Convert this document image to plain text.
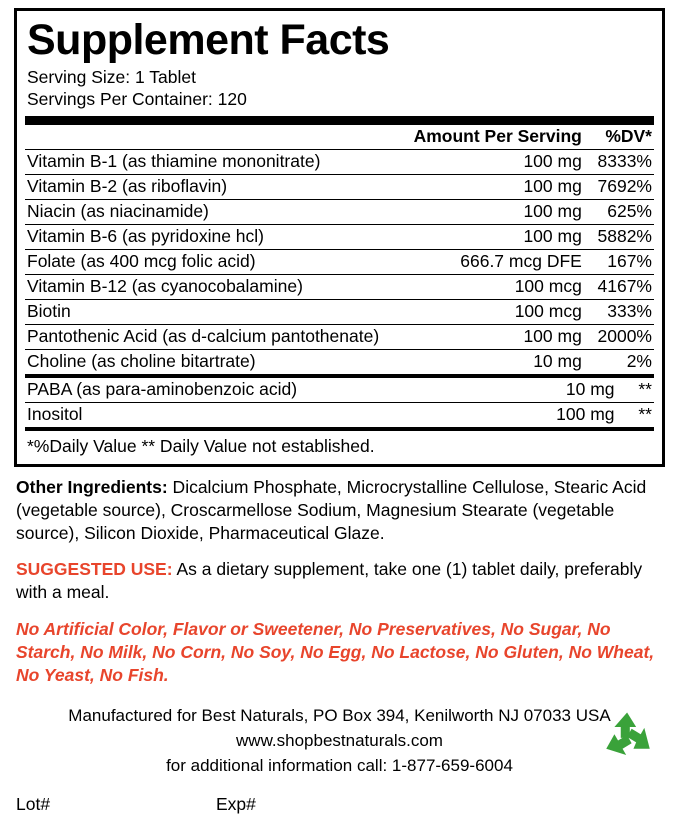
Supplement Facts
Serving Size: 1 Tablet
Servings Per Container: 120
	Amount Per Serving	%DV*
Vitamin B-1 (as thiamine mononitrate)	100 mg	8333%
Vitamin B-2 (as riboflavin)	100 mg	7692%
Niacin (as niacinamide)	100 mg	625%
Vitamin B-6 (as pyridoxine hcl)	100 mg	5882%
Folate (as 400 mcg folic acid)	666.7 mcg DFE	167%
Vitamin B-12 (as cyanocobalamine)	100 mcg	4167%
Biotin	100 mcg	333%
Pantothenic Acid (as d-calcium pantothenate)	100 mg	2000%
Choline (as choline bitartrate)	10 mg	2%
PABA (as para-aminobenzoic acid)	10 mg	**
Inositol	100 mg	**
*%Daily Value ** Daily Value not established.
Other Ingredients: Dicalcium Phosphate, Microcrystalline Cellulose, Stearic Acid (vegetable source), Croscarmellose Sodium, Magnesium Stearate (vegetable source), Silicon Dioxide, Pharmaceutical Glaze.
SUGGESTED USE: As a dietary supplement, take one (1) tablet daily, preferably with a meal.
No Artificial Color, Flavor or Sweetener, No Preservatives, No Sugar, No Starch, No Milk, No Corn, No Soy, No Egg, No Lactose, No Gluten, No Wheat, No Yeast, No Fish.
Manufactured for Best Naturals, PO Box 394, Kenilworth NJ 07033 USA
www.shopbestnaturals.com
for additional information call: 1-877-659-6004
Lot#	Exp#
